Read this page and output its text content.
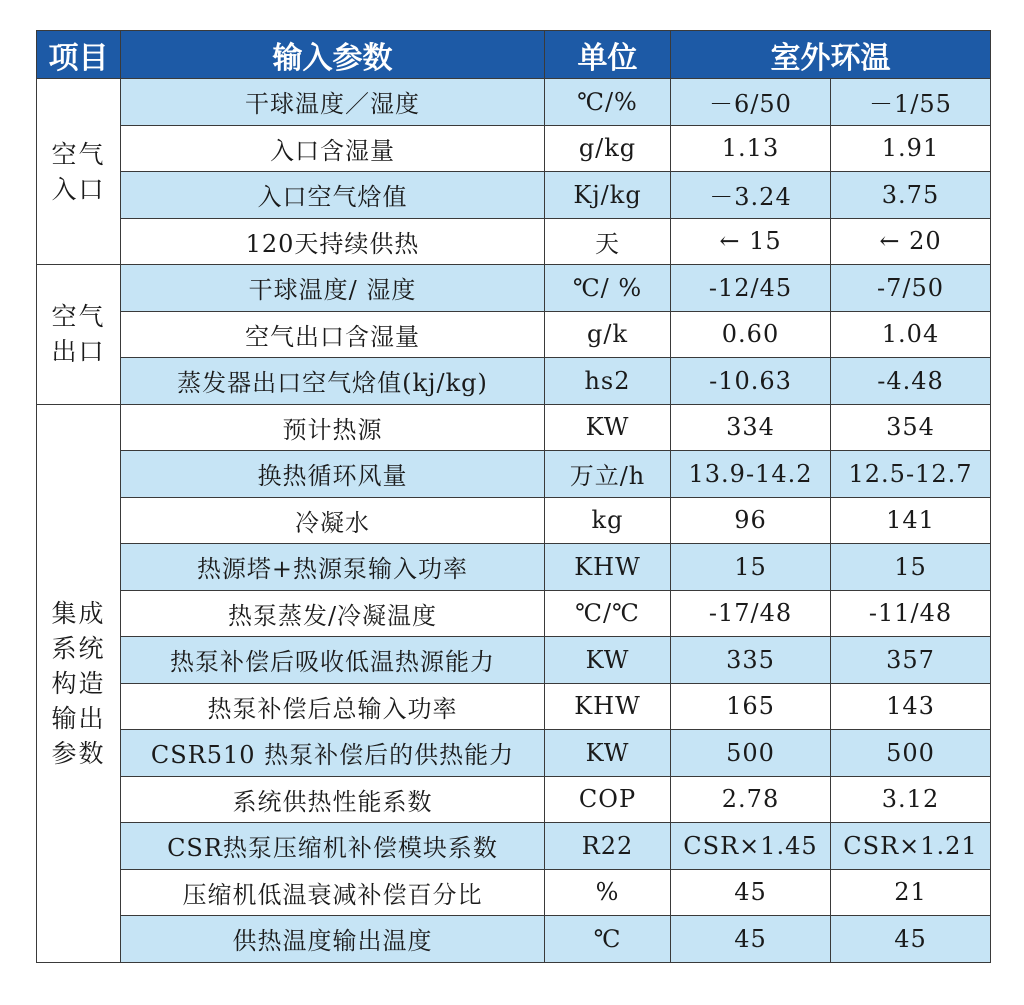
项目	输入参数	单位	室外环温	
空气
入口	干球温度／湿度	℃/%	－6/50	－1/55
	入口含湿量	g/kg	1.13	1.91
	入口空气焓值	Kj/kg	－3.24	3.75
	120天持续供热	天	← 15	← 20
空气
出口	干球温度/ 湿度	℃/ %	-12/45	-7/50
	空气出口含湿量	g/k	0.60	1.04
	蒸发器出口空气焓值(kj/kg)	hs2	-10.63	-4.48
集成
系统
构造
输出
参数	预计热源	KW	334	354
	换热循环风量	万立/h	13.9-14.2	12.5-12.7
	冷凝水	kg	96	141
	热源塔+热源泵输入功率	KHW	15	15
	热泵蒸发/冷凝温度	℃/℃	-17/48	-11/48
	热泵补偿后吸收低温热源能力	KW	335	357
	热泵补偿后总输入功率	KHW	165	143
	CSR510 热泵补偿后的供热能力	KW	500	500
	系统供热性能系数	COP	2.78	3.12
	CSR热泵压缩机补偿模块系数	R22	CSR×1.45	CSR×1.21
	压缩机低温衰减补偿百分比	%	45	21
	供热温度输出温度	℃	45	45
